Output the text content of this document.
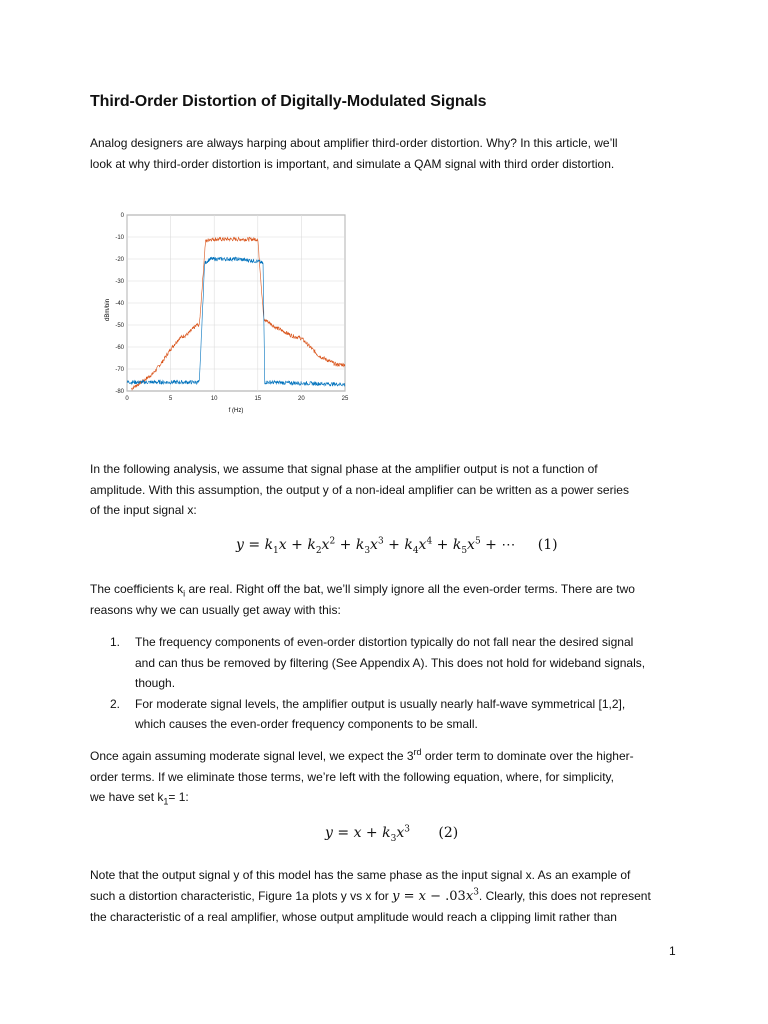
Third-Order Distortion of Digitally-Modulated Signals
Analog designers are always harping about amplifier third-order distortion. Why? In this article, we’ll
look at why third-order distortion is important, and simulate a QAM signal with third order distortion.
0	5	10	15	20	25
0
-10
-20
-30
-40
-50
-60
-70
-80
f (Hz)
dBm/bin
In the following analysis, we assume that signal phase at the amplifier output is not a function of
amplitude. With this assumption, the output y of a non-ideal amplifier can be written as a power series
of the input signal x:
$y = k_1x + k_2x^2 + k_3x^3 + k_4x^4 + k_5x^5$ + ⋯ (1)
The coefficients $k_i$ are real. Right off the bat, we’ll simply ignore all the even-order terms. There are two
reasons why we can usually get away with this:
1. The frequency components of even-order distortion typically do not fall near the desired signal
and can thus be removed by filtering (See Appendix A). This does not hold for wideband signals,
though.
2. For moderate signal levels, the amplifier output is usually nearly half-wave symmetrical [1,2],
which causes the even-order frequency components to be small.
Once again assuming moderate signal level, we expect the 3rd order term to dominate over the higher-
order terms. If we eliminate those terms, we’re left with the following equation, where, for simplicity,
we have set $k_1= 1$:
$y = x + k_3x^3$ (2)
Note that the output signal y of this model has the same phase as the input signal x. As an example of
such a distortion characteristic, Figure 1a plots y vs x for $y = x - .03x^3$. Clearly, this does not represent
the characteristic of a real amplifier, whose output amplitude would reach a clipping limit rather than
1
